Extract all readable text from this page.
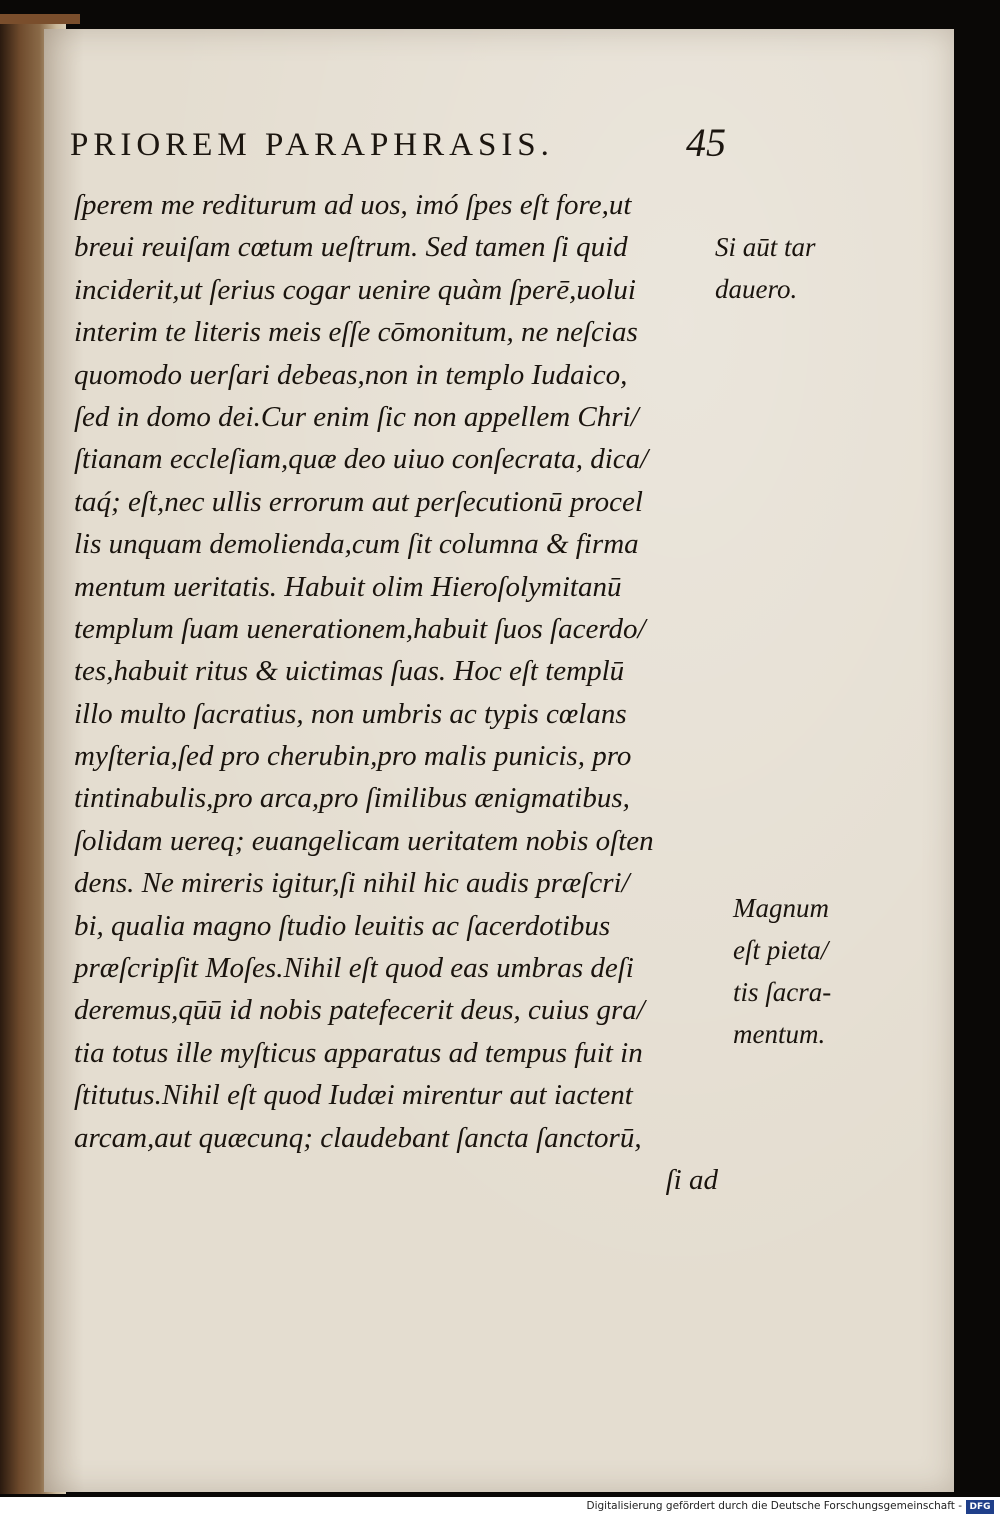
PRIOREM PARAPHRASIS.	45
ſperem me rediturum ad uos, imó ſpes eſt fore,ut
breui reuiſam cœtum ueſtrum. Sed tamen ſi quid
inciderit,ut ſerius cogar uenire quàm ſperē,uolui
interim te literis meis eſſe cōmonitum, ne neſcias
quomodo uerſari debeas,non in templo Iudaico,
ſed in domo dei.Cur enim ſic non appellem Chri/
ſtianam eccleſiam,quæ deo uiuo conſecrata, dica/
taq́; eſt,nec ullis errorum aut perſecutionū procel
lis unquam demolienda,cum ſit columna & firma
mentum ueritatis. Habuit olim Hieroſolymitanū
templum ſuam uenerationem,habuit ſuos ſacerdo/
tes,habuit ritus & uictimas ſuas. Hoc eſt templū
illo multo ſacratius, non umbris ac typis cœlans
myſteria,ſed pro cherubin,pro malis punicis, pro
tintinabulis,pro arca,pro ſimilibus ænigmatibus,
ſolidam uereq; euangelicam ueritatem nobis oſten
dens. Ne mireris igitur,ſi nihil hic audis præſcri/
bi, qualia magno ſtudio leuitis ac ſacerdotibus
præſcripſit Moſes.Nihil eſt quod eas umbras deſi
deremus,qūū id nobis patefecerit deus, cuius gra/
tia totus ille myſticus apparatus ad tempus fuit in
ſtitutus.Nihil eſt quod Iudæi mirentur aut iactent
arcam,aut quæcunq; claudebant ſancta ſanctorū,
ſi ad
Si aūt tar
dauero.
Magnum
eſt pieta/
tis ſacra-
mentum.
Digitalisierung gefördert durch die Deutsche Forschungsgemeinschaft - DFG
